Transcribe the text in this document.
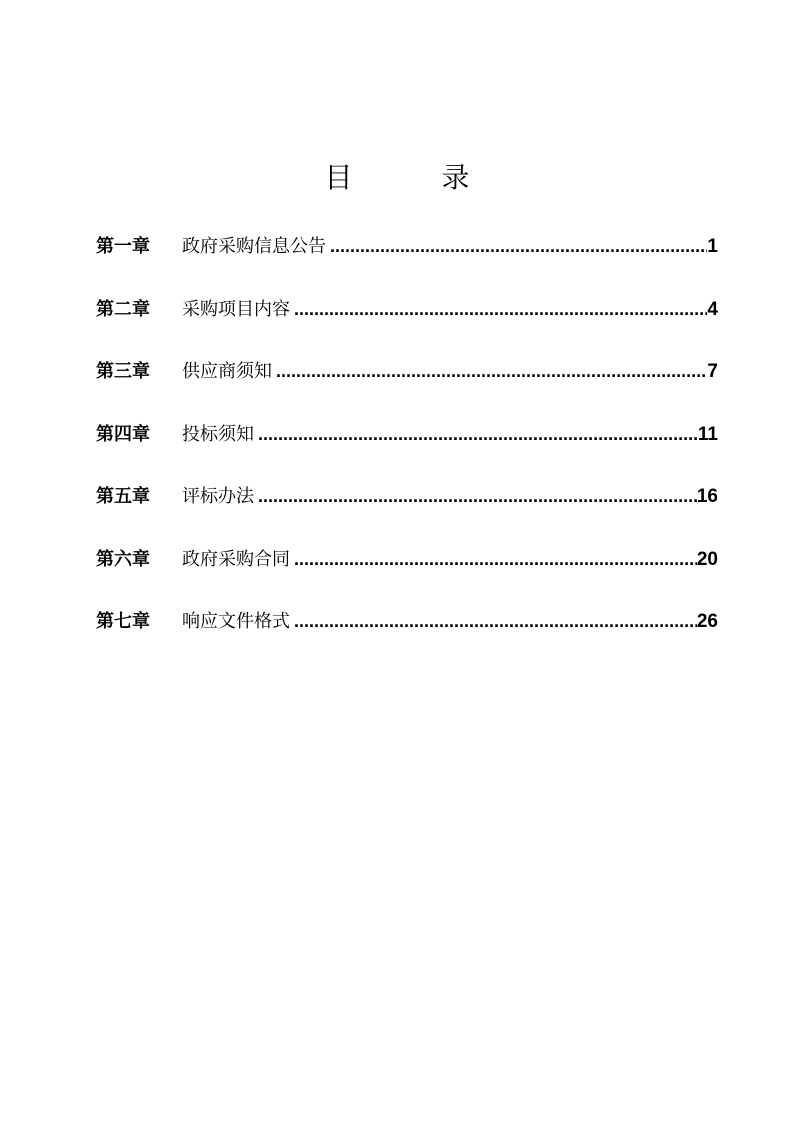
目 录
第一章	政府采购信息公告 .....	1
第二章	采购项目内容 .....	4
第三章	供应商须知 .....	7
第四章	投标须知 .....	11
第五章	评标办法 .....	16
第六章	政府采购合同 .....	20
第七章	响应文件格式 .....	26
